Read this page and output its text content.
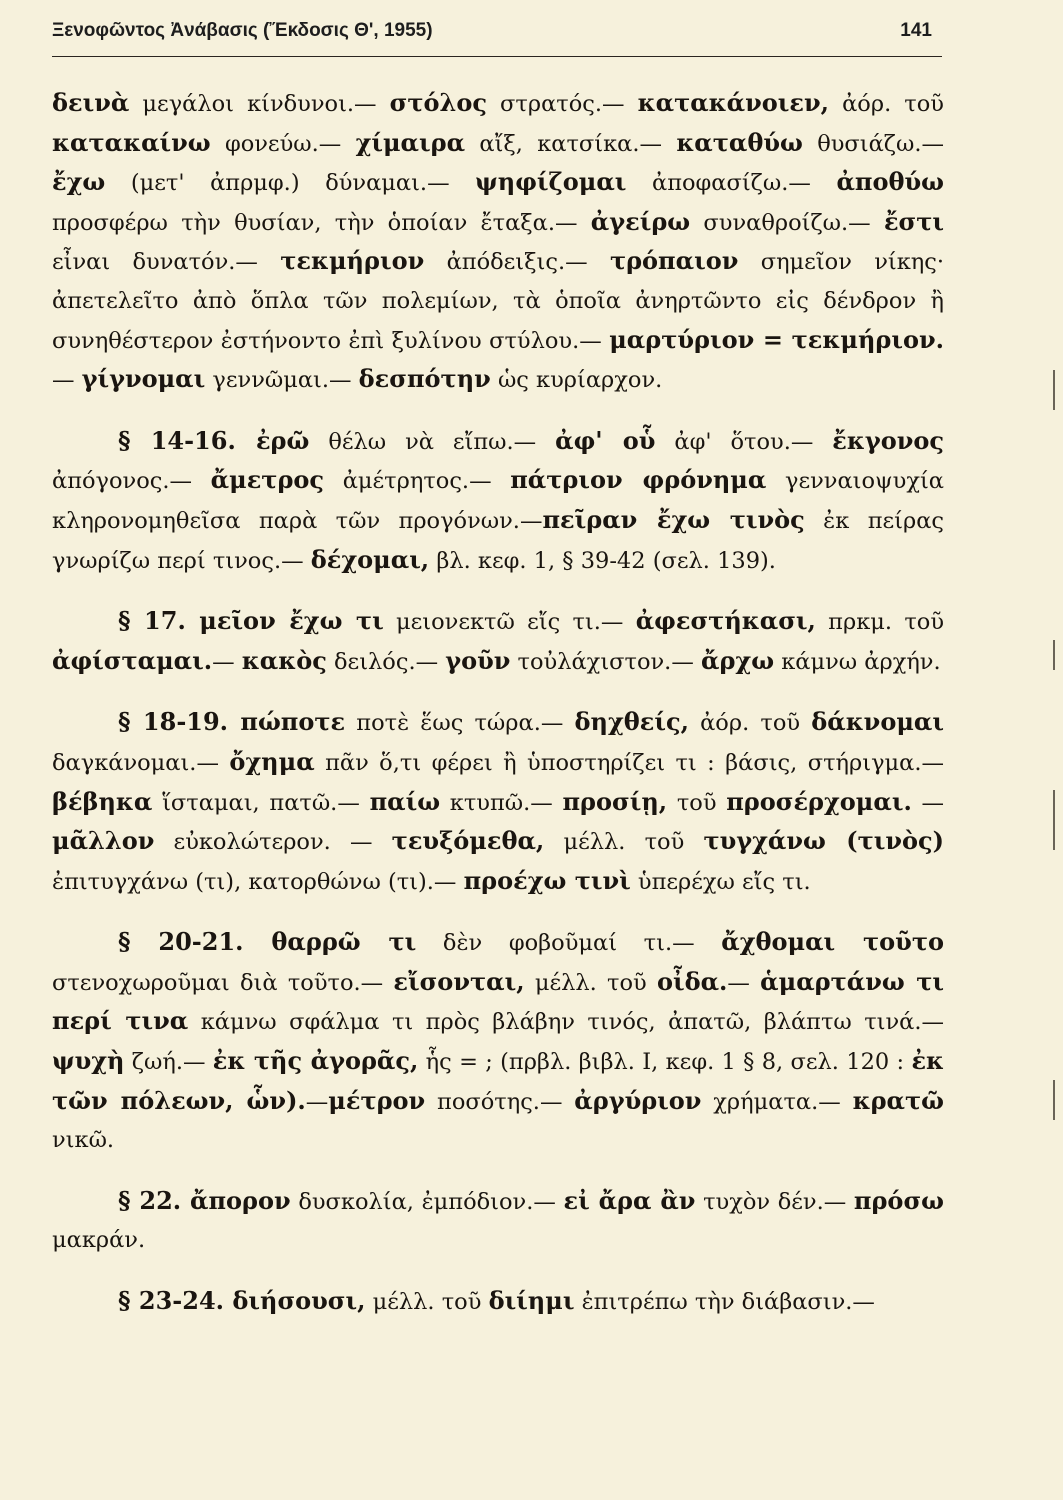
Ξενοφῶντος Ἀνάβασις (Ἔκδοσις Θ', 1955)	141

δεινὰ μεγάλοι κίνδυνοι.— στόλος στρατός.— κατακάνοιεν, ἀόρ. τοῦ κατακαίνω φονεύω.— χίμαιρα αἴξ, κατσίκα.— καταθύω θυσιάζω.— ἔχω (μετ' ἀπρμφ.) δύναμαι.— ψηφίζομαι ἀποφασίζω.— ἀποθύω προσφέρω τὴν θυσίαν, τὴν ὁποίαν ἔταξα.— ἀγείρω συναθροίζω.— ἔστι εἶναι δυνατόν.— τεκμήριον ἀπόδειξις.— τρόπαιον σημεῖον νίκης· ἀπετελεῖτο ἀπὸ ὅπλα τῶν πολεμίων, τὰ ὁποῖα ἀνηρτῶντο εἰς δένδρον ἢ συνηθέστερον ἐστήνοντο ἐπὶ ξυλίνου στύλου.— μαρτύριον = τεκμήριον.— γίγνομαι γεννῶμαι.— δεσπότην ὡς κυρίαρχον.

§ 14-16. ἐρῶ θέλω νὰ εἴπω.— ἀφ' οὗ ἀφ' ὅτου.— ἔκγονος ἀπόγονος.— ἄμετρος ἀμέτρητος.— πάτριον φρόνημα γενναιοψυχία κληρονομηθεῖσα παρὰ τῶν προγόνων.—πεῖραν ἔχω τινὸς ἐκ πείρας γνωρίζω περί τινος.— δέχομαι, βλ. κεφ. 1, § 39-42 (σελ. 139).

§ 17. μεῖον ἔχω τι μειονεκτῶ εἴς τι.— ἀφεστήκασι, πρκμ. τοῦ ἀφίσταμαι.— κακὸς δειλός.— γοῦν τοὐλάχιστον.— ἄρχω κάμνω ἀρχήν.

§ 18-19. πώποτε ποτὲ ἕως τώρα.— δηχθείς, ἀόρ. τοῦ δάκνομαι δαγκάνομαι.— ὄχημα πᾶν ὅ,τι φέρει ἢ ὑποστηρίζει τι : βάσις, στήριγμα.— βέβηκα ἵσταμαι, πατῶ.— παίω κτυπῶ.— προσίῃ, τοῦ προσέρχομαι. — μᾶλλον εὐκολώτερον. — τευξόμεθα, μέλλ. τοῦ τυγχάνω (τινὸς) ἐπιτυγχάνω (τι), κατορθώνω (τι).— προέχω τινὶ ὑπερέχω εἴς τι.

§ 20-21. θαρρῶ τι δὲν φοβοῦμαί τι.— ἄχθομαι τοῦτο στενοχωροῦμαι διὰ τοῦτο.— εἴσονται, μέλλ. τοῦ οἶδα.— ἁμαρτάνω τι περί τινα κάμνω σφάλμα τι πρὸς βλάβην τινός, ἀπατῶ, βλάπτω τινά.— ψυχὴ ζωή.— ἐκ τῆς ἀγορᾶς, ἧς = ; (πρβλ. βιβλ. Ι, κεφ. 1 § 8, σελ. 120 : ἐκ τῶν πόλεων, ὧν).—μέτρον ποσότης.— ἀργύριον χρήματα.— κρατῶ νικῶ.

§ 22. ἄπορον δυσκολία, ἐμπόδιον.— εἰ ἄρα ἂν τυχὸν δέν.— πρόσω μακράν.

§ 23-24. διήσουσι, μέλλ. τοῦ διίημι ἐπιτρέπω τὴν διάβασιν.—
